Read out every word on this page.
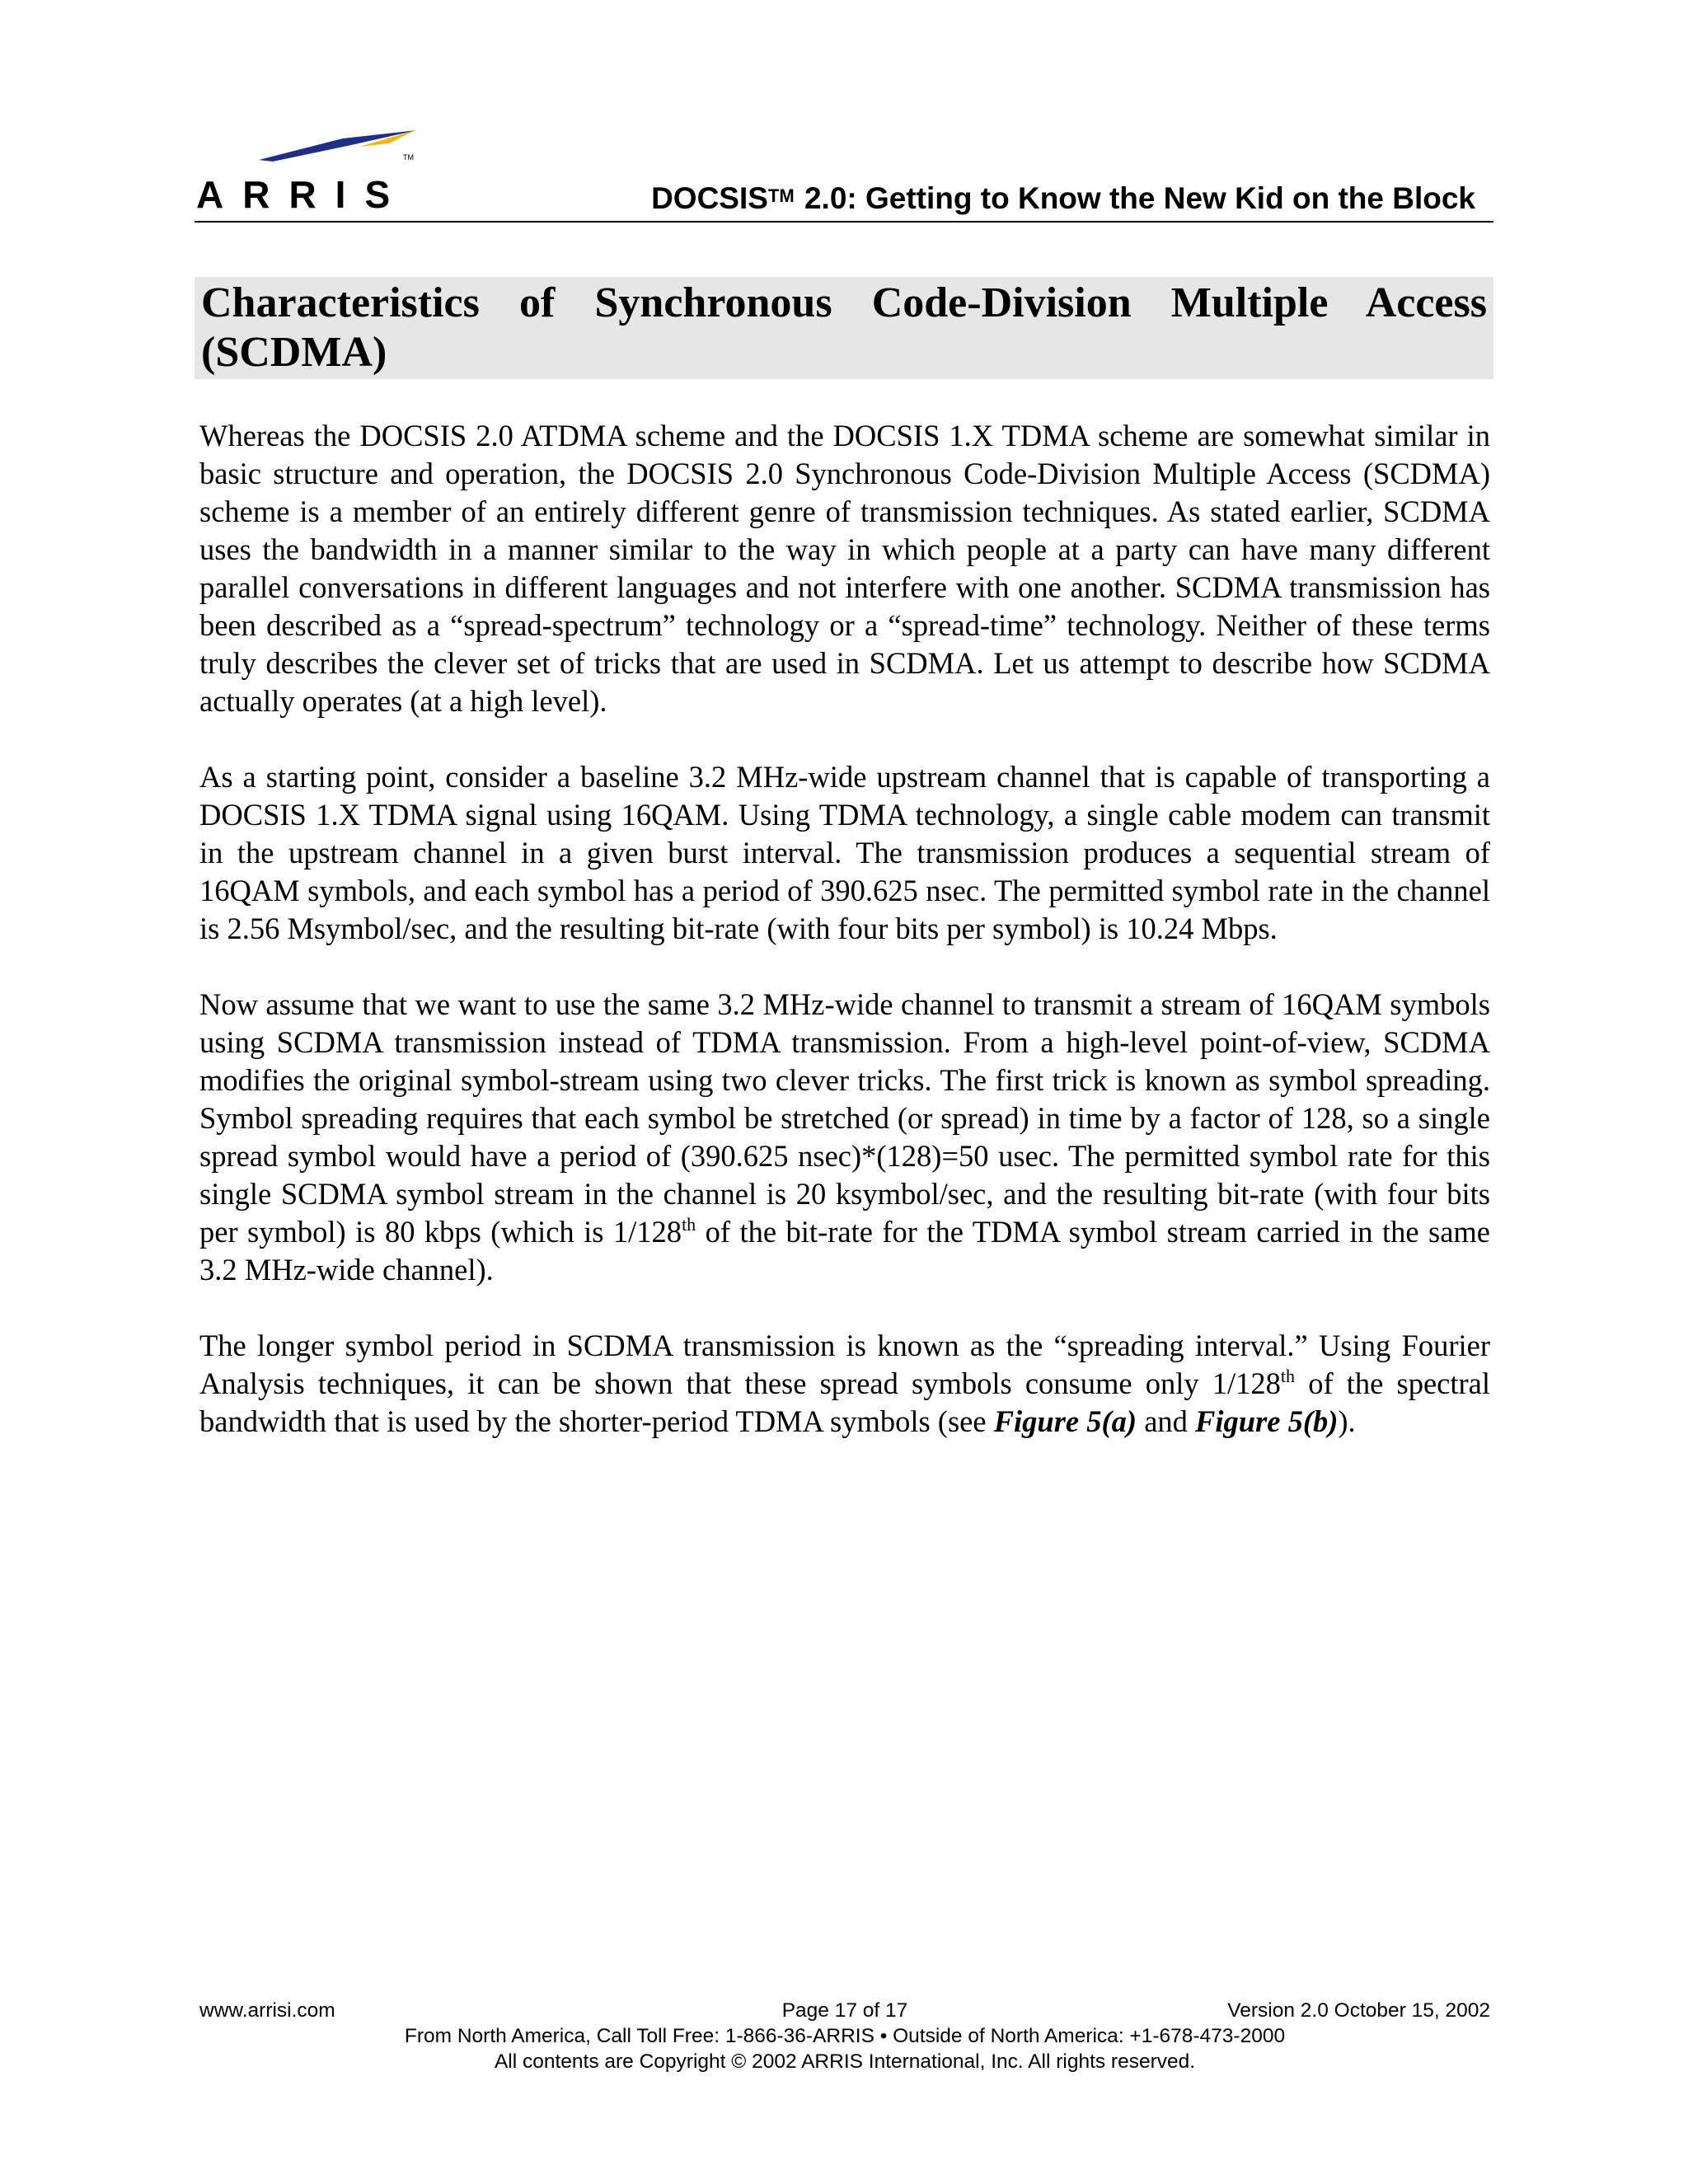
TM
ARRIS	DOCSIS™ 2.0: Getting to Know the New Kid on the Block
Characteristics of Synchronous Code-Division Multiple Access (SCDMA)

Whereas the DOCSIS 2.0 ATDMA scheme and the DOCSIS 1.X TDMA scheme are somewhat similar in basic structure and operation, the DOCSIS 2.0 Synchronous Code-Division Multiple Access (SCDMA) scheme is a member of an entirely different genre of transmission techniques. As stated earlier, SCDMA uses the bandwidth in a manner similar to the way in which people at a party can have many different parallel conversations in different languages and not interfere with one another. SCDMA transmission has been described as a “spread-spectrum” technology or a “spread-time” technology. Neither of these terms truly describes the clever set of tricks that are used in SCDMA. Let us attempt to describe how SCDMA actually operates (at a high level).

As a starting point, consider a baseline 3.2 MHz-wide upstream channel that is capable of transporting a DOCSIS 1.X TDMA signal using 16QAM. Using TDMA technology, a single cable modem can transmit in the upstream channel in a given burst interval. The transmission produces a sequential stream of 16QAM symbols, and each symbol has a period of 390.625 nsec. The permitted symbol rate in the channel is 2.56 Msymbol/sec, and the resulting bit-rate (with four bits per symbol) is 10.24 Mbps.

Now assume that we want to use the same 3.2 MHz-wide channel to transmit a stream of 16QAM symbols using SCDMA transmission instead of TDMA transmission. From a high-level point-of-view, SCDMA modifies the original symbol-stream using two clever tricks. The first trick is known as symbol spreading. Symbol spreading requires that each symbol be stretched (or spread) in time by a factor of 128, so a single spread symbol would have a period of (390.625 nsec)*(128)=50 usec. The permitted symbol rate for this single SCDMA symbol stream in the channel is 20 ksymbol/sec, and the resulting bit-rate (with four bits per symbol) is 80 kbps (which is 1/128th of the bit-rate for the TDMA symbol stream carried in the same 3.2 MHz-wide channel).

The longer symbol period in SCDMA transmission is known as the “spreading interval.” Using Fourier Analysis techniques, it can be shown that these spread symbols consume only 1/128th of the spectral bandwidth that is used by the shorter-period TDMA symbols (see Figure 5(a) and Figure 5(b)).

www.arrisi.com	Page 17 of 17	Version 2.0 October 15, 2002
From North America, Call Toll Free: 1-866-36-ARRIS • Outside of North America: +1-678-473-2000
All contents are Copyright © 2002 ARRIS International, Inc. All rights reserved.
